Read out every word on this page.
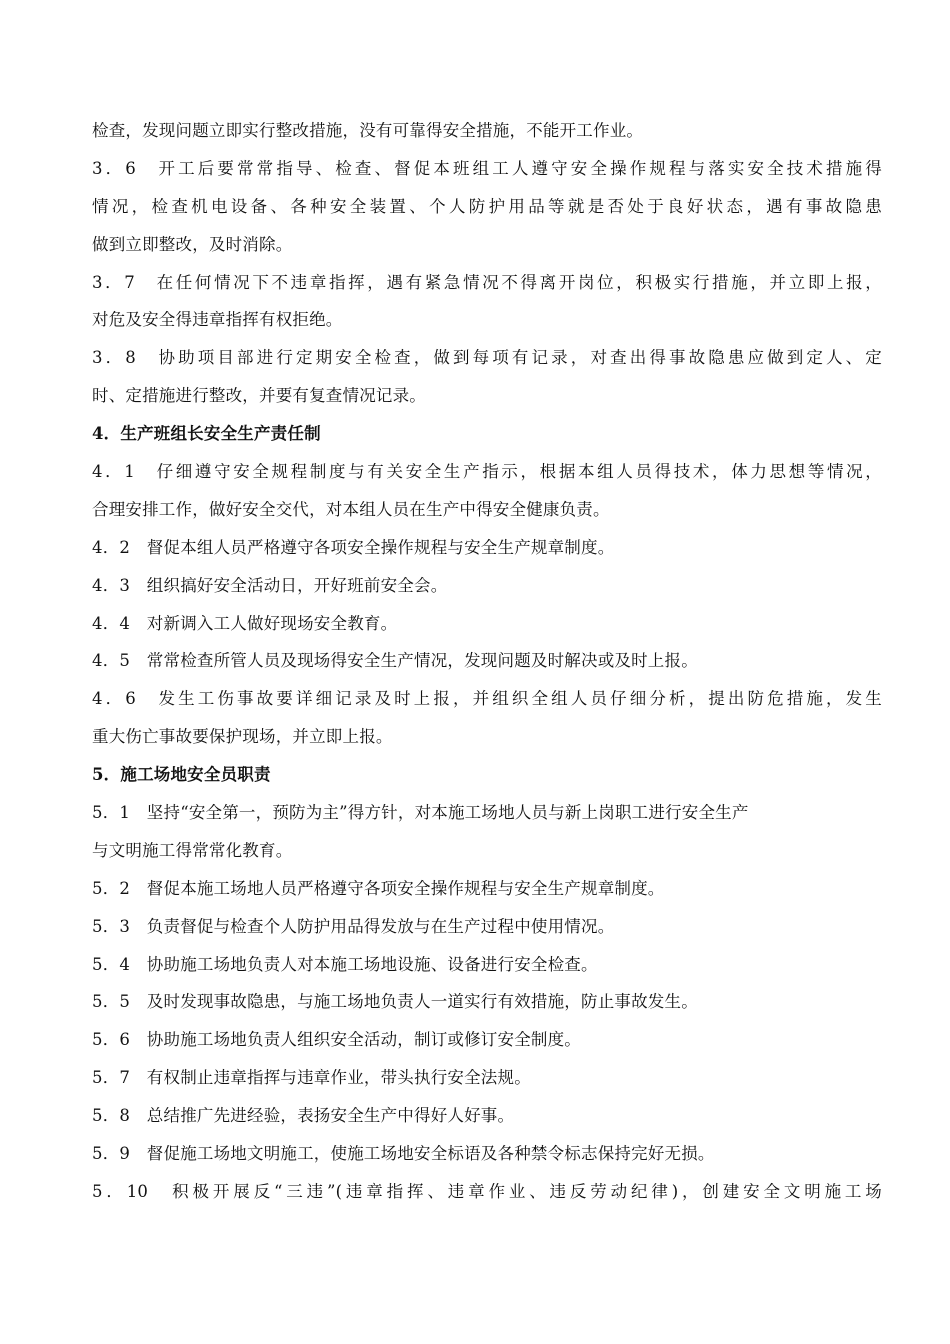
检查，发现问题立即实行整改措施，没有可靠得安全措施，不能开工作业。
3．6　开工后要常常指导、检查、督促本班组工人遵守安全操作规程与落实安全技术措施得
情况，检查机电设备、各种安全装置、个人防护用品等就是否处于良好状态，遇有事故隐患
做到立即整改，及时消除。
3．7　在任何情况下不违章指挥，遇有紧急情况不得离开岗位，积极实行措施，并立即上报，
对危及安全得违章指挥有权拒绝。
3．8　协助项目部进行定期安全检查，做到每项有记录，对查出得事故隐患应做到定人、定
时、定措施进行整改，并要有复查情况记录。
4．生产班组长安全生产责任制
4．1　仔细遵守安全规程制度与有关安全生产指示，根据本组人员得技术，体力思想等情况，
合理安排工作，做好安全交代，对本组人员在生产中得安全健康负责。
4．2　督促本组人员严格遵守各项安全操作规程与安全生产规章制度。
4．3　组织搞好安全活动日，开好班前安全会。
4．4　对新调入工人做好现场安全教育。
4．5　常常检查所管人员及现场得安全生产情况，发现问题及时解决或及时上报。
4．6　发生工伤事故要详细记录及时上报，并组织全组人员仔细分析，提出防危措施，发生
重大伤亡事故要保护现场，并立即上报。
5．施工场地安全员职责
5．1　坚持“安全第一，预防为主”得方针，对本施工场地人员与新上岗职工进行安全生产
与文明施工得常常化教育。
5．2　督促本施工场地人员严格遵守各项安全操作规程与安全生产规章制度。
5．3　负责督促与检查个人防护用品得发放与在生产过程中使用情况。
5．4　协助施工场地负责人对本施工场地设施、设备进行安全检查。
5．5　及时发现事故隐患，与施工场地负责人一道实行有效措施，防止事故发生。
5．6　协助施工场地负责人组织安全活动，制订或修订安全制度。
5．7　有权制止违章指挥与违章作业，带头执行安全法规。
5．8　总结推广先进经验，表扬安全生产中得好人好事。
5．9　督促施工场地文明施工，使施工场地安全标语及各种禁令标志保持完好无损。
5．10　积极开展反“三违”(违章指挥、违章作业、违反劳动纪律)，创建安全文明施工场
